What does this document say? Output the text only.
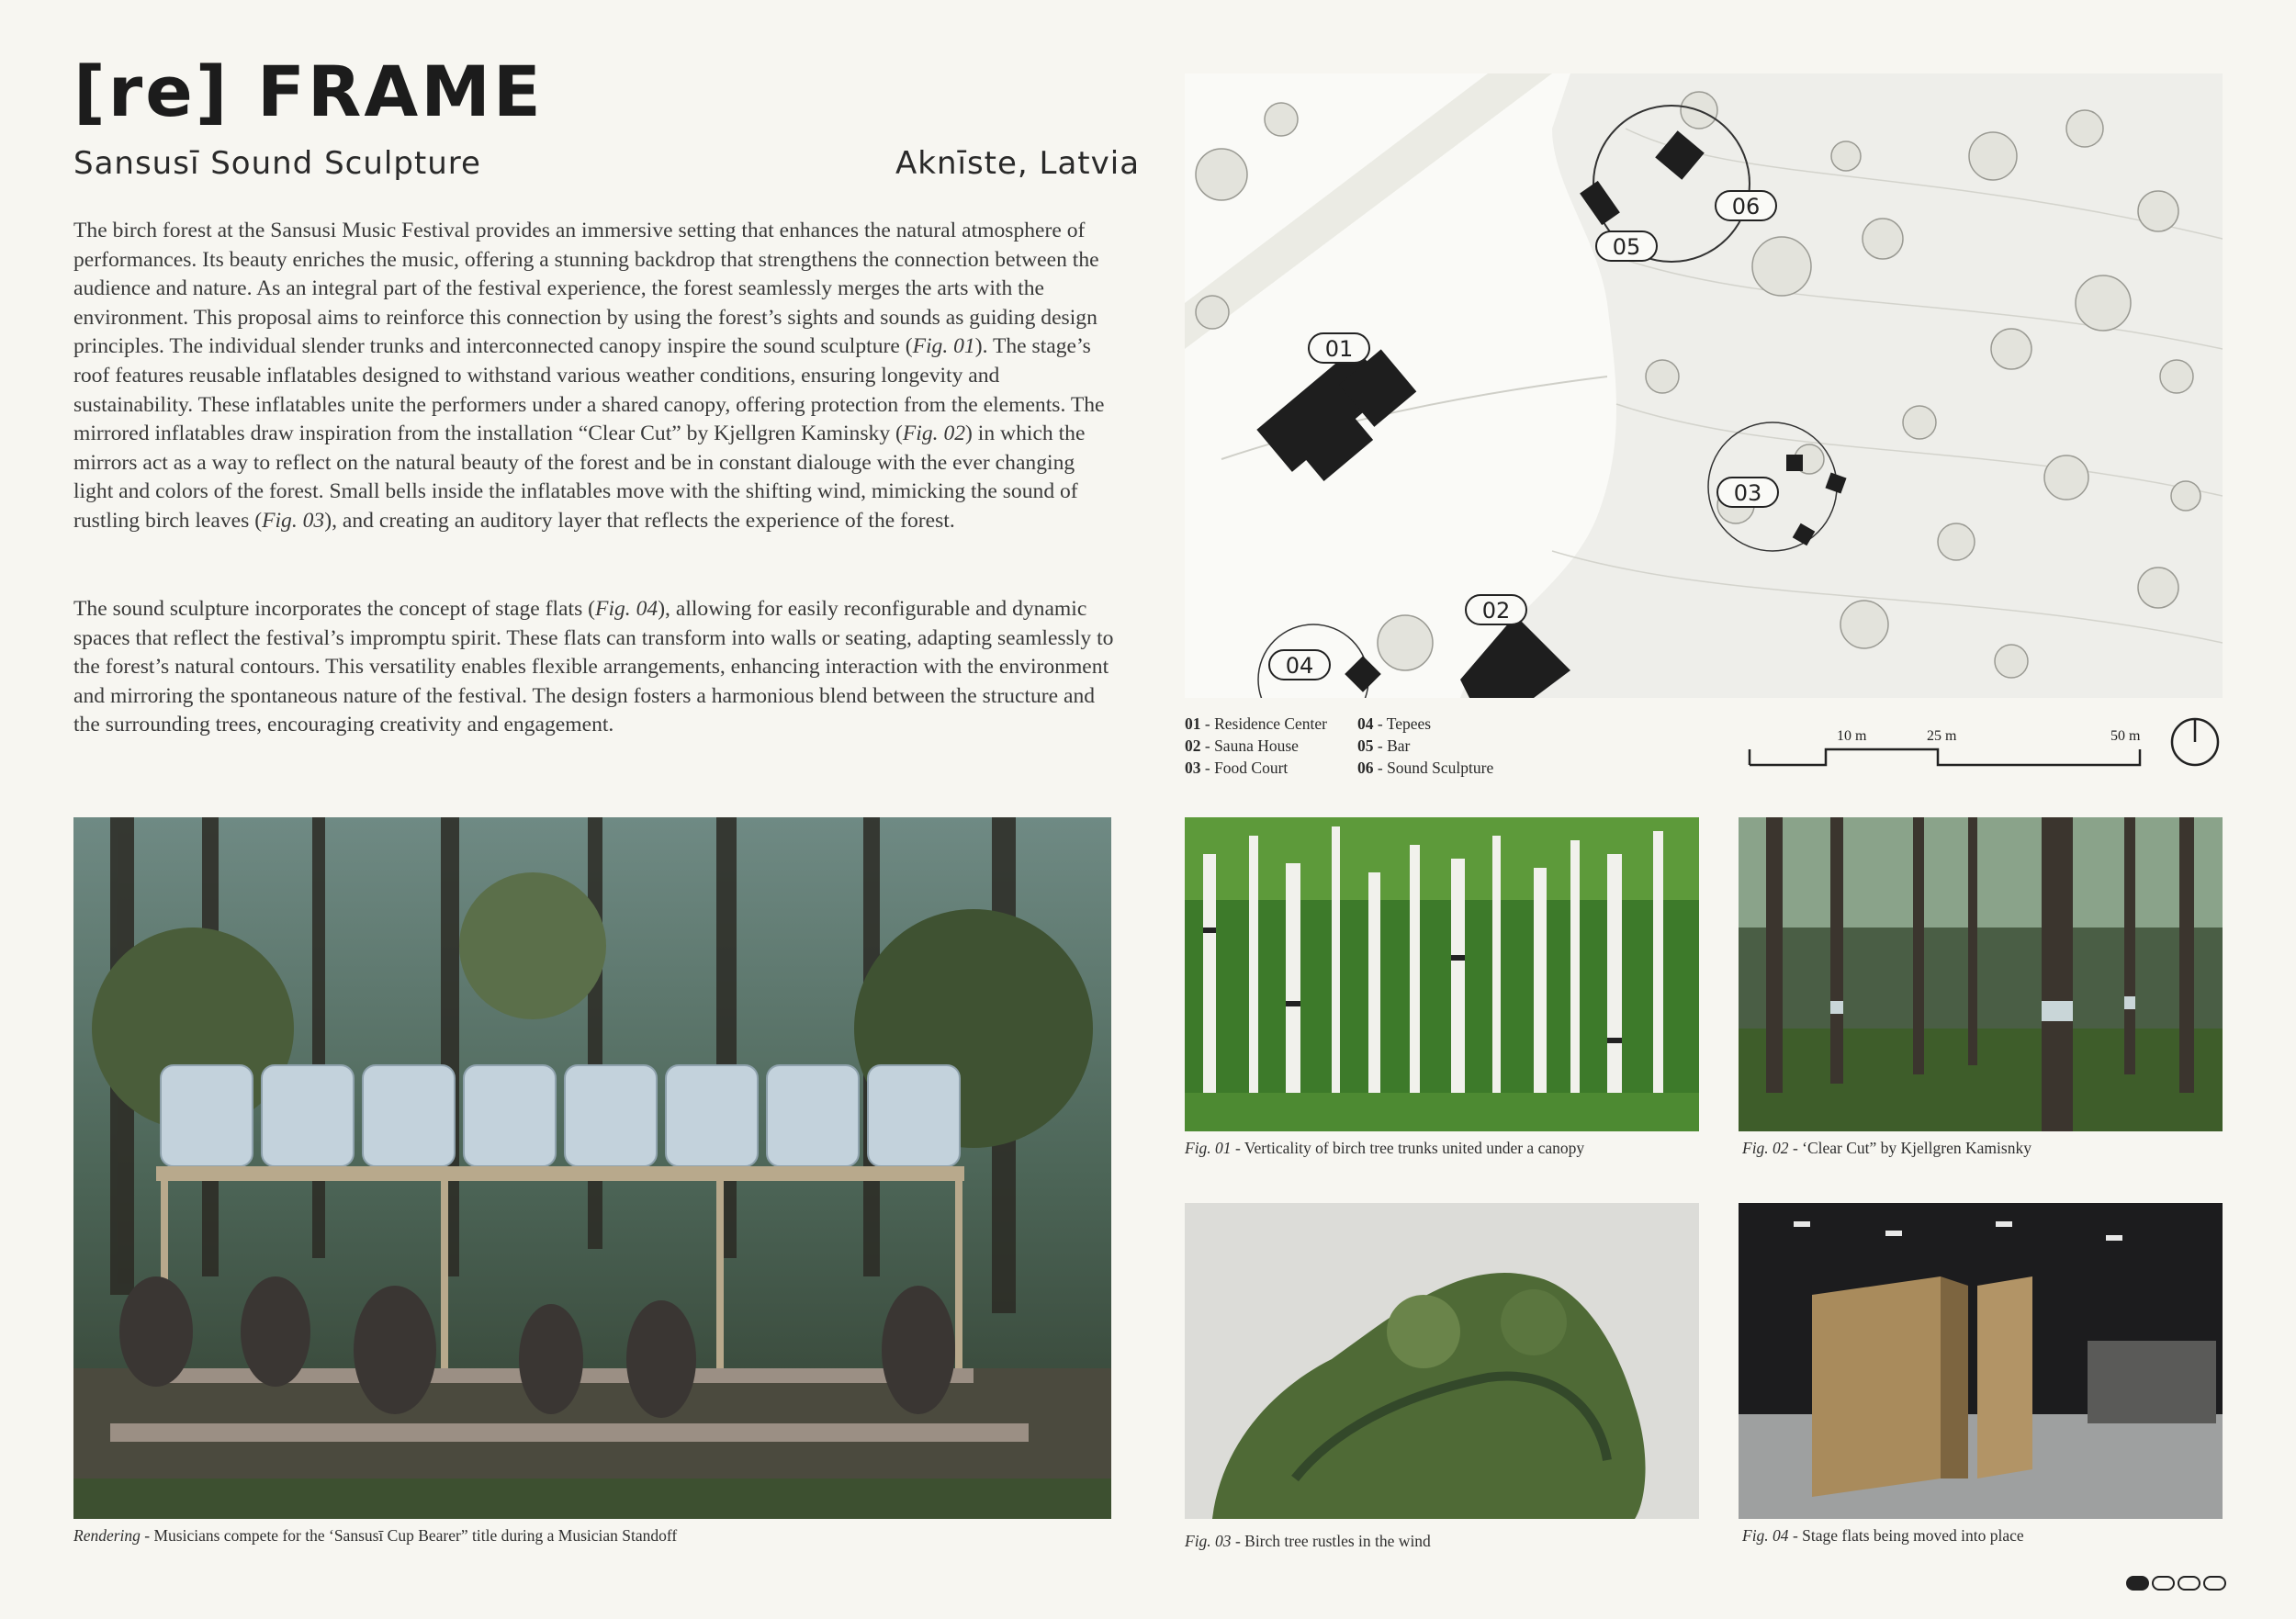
[re] FRAME
Sansusī Sound Sculpture	Aknīste, Latvia

The birch forest at the Sansusi Music Festival provides an immersive setting that enhances the natural atmosphere of performances. Its beauty enriches the music, offering a stunning backdrop that strengthens the connection between the audience and nature. As an integral part of the festival experience, the forest seamlessly merges the arts with the environment. This proposal aims to reinforce this connection by using the forest’s sights and sounds as guiding design principles. The individual slender trunks and interconnected canopy inspire the sound sculpture (Fig. 01). The stage’s roof features reusable inflatables designed to withstand various weather conditions, ensuring longevity and sustainability. These inflatables unite the performers under a shared canopy, offering protection from the elements. The mirrored inflatables draw inspiration from the installation “Clear Cut” by Kjellgren Kaminsky (Fig. 02) in which the mirrors act as a way to reflect on the natural beauty of the forest and be in constant dialouge with the ever changing light and colors of the forest. Small bells inside the inflatables move with the shifting wind, mimicking the sound of rustling birch leaves (Fig. 03), and creating an auditory layer that reflects the experience of the forest.

The sound sculpture incorporates the concept of stage flats (Fig. 04), allowing for easily reconfigurable and dynamic spaces that reflect the festival’s impromptu spirit. These flats can transform into walls or seating, adapting seamlessly to the forest’s natural contours. This versatility enables flexible arrangements, enhancing interaction with the environment and mirroring the spontaneous nature of the festival. The design fosters a harmonious blend between the structure and the surrounding trees, encouraging creativity and engagement.

01
02
03
04
05
06
01 - Residence Center
02 - Sauna House
03 - Food Court
04 - Tepees
05 - Bar
06 - Sound Sculpture
10 m	25 m	50 m
Rendering - Musicians compete for the ‘Sansusī Cup Bearer” title during a Musician Standoff
Fig. 01 - Verticality of birch tree trunks united under a canopy	Fig. 02 - ‘Clear Cut” by Kjellgren Kamisnky
Fig. 03 - Birch tree rustles in the wind	Fig. 04 - Stage flats being moved into place
